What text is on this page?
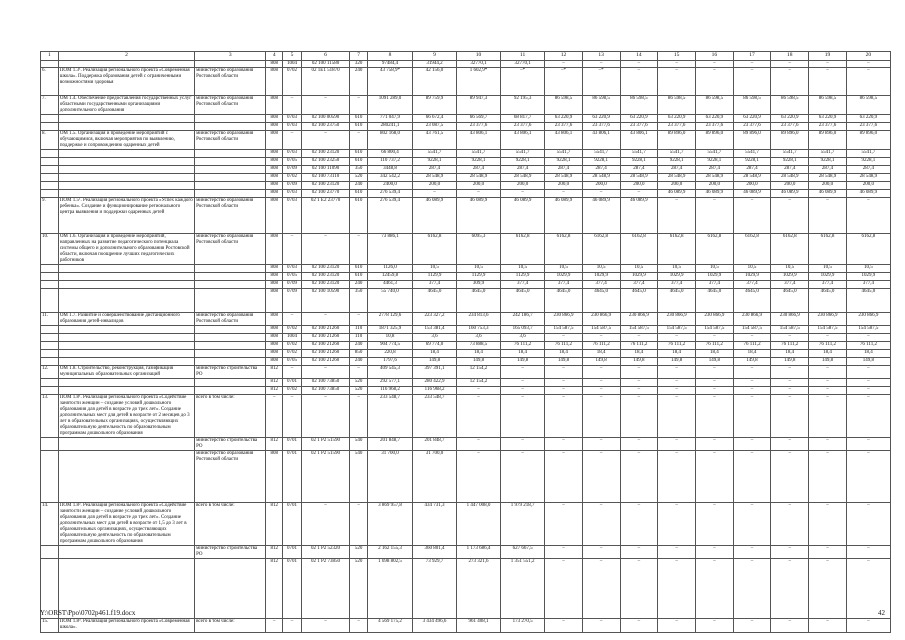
1	2	3	4	5	6	7	8	9	10	11	12	13	14	15	16	17	18	19	20
			808	1004	02 100 11580	320	97484,4	31944,2	32770,1	32770,1	–	–	–	–	–	–	–	–	–
6.	ПОМ 1.3¹. Реализация регионального проекта «Современная школа». Поддержка образования детей с ограниченными возможностями здоровья	министерство образования Ростовской области	808	0702	02 1Е1 51870	240	43 758,9*	42 156,0	1 602,9*	–*	–*	–*	–	–	–	–	–	–	–
7.	ОМ 1.4. Обеспечение предоставления государственных услуг областными государственными организациями дополнительного образования	министерство образования Ростовской области	808	–	–	–	1091 289,0	89 759,9	89 947,3	92 195,3	86 598,5	86 598,5	86 598,5	86 598,5	86 598,5	86 598,5	86 598,5	86 598,5	86 598,5
			808	0703	02 100 00590	610	771 047,9	66 672,4	66 569,7	68 817,7	63 220,9	63 220,9	63 220,9	63 220,9	63 220,9	63 220,9	63 220,9	63 220,9	63 220,9
			808	0703	02 100 23750	610	280241,1	23 087,5	23 377,6	23 377,6	23 377,6	23 377,6	23 377,6	23 377,6	23 377,6	23 377,6	23 377,6	23 377,6	23 377,6
8.	ОМ 1.5. Организация и проведение мероприятий с обучающимися, включая мероприятия по выявлению, поддержке и сопровождению одаренных детей	министерство образования Ростовской области	808	–	–	–	802 168,0	43 761,5	43 806,1	43 806,1	43 806,1	43 806,1	43 806,1	89 896,0	89 896,0	89 896,0	89 896,0	89 896,0	89 896,0
			808	0703	02 100 23120	610	66 800,4	5541,7	5541,7	5541,7	5541,7	5541,7	5541,7	5541,7	5541,7	5541,7	5541,7	5541,7	5541,7
			808	0705	02 100 23250	610	110 737,2	9228,1	9228,1	9228,1	9228,1	9228,1	9228,1	9228,1	9228,1	9228,1	9228,1	9228,1	9228,1
			808	0709	02 100 11090	350	3448,8	287,4	287,4	287,4	287,4	287,4	287,4	287,4	287,4	287,4	287,4	287,4	287,4
			808	0702	02 100 73110	520	342 542,2	28 548,9	28 548,9	28 548,9	28 548,9	28 548,9	28 548,9	28 548,9	28 548,9	28 548,9	28 548,9	28 548,9	28 548,9
			808	0709	02 100 23120	240	2400,0	200,0	200,0	200,0	200,0	200,0	200,0	200,0	200,0	200,0	200,0	200,0	200,0
			808	0703	02 100 23770	610	276 539,4	–	–	–	–	–	–	46 089,9	46 089,9	46 089,9	46 089,9	46 089,9	46 089,9
9.	ПОМ 1.5¹. Реализация регионального проекта «Успех каждого ребенка». Создание и функционирование регионального центра выявления и поддержки одаренных детей	министерство образования Ростовской области	808	0703	02 1 Е2 23770	610	276 539,4	46 089,9	46 089,9	46 089,9	46 089,9	46 089,9	46 089,9	–	–	–	–	–	–
10.	ОМ 1.6. Организация и проведение мероприятий, направленных на развитие педагогического потенциала системы общего и дополнительного образования Ростовской области, включая поощрение лучших педагогических работников	министерство образования Ростовской области	808	–	–	–	73 886,1	6162,8	6095,3	6162,8	6162,8	6162,8	6162,8	6162,8	6162,8	6162,8	6162,8	6162,8	6162,8
			808	0703	02 100 23120	610	1126,0	10,5	10,5	10,5	10,5	10,5	10,5	10,5	10,5	10,5	10,5	10,5	10,5
			808	0705	02 100 23120	610	12459,8	1129,9	1129,9	1129,9	1029,9	1029,9	1029,9	1029,9	1029,9	1029,9	1029,9	1029,9	1029,9
			808	0709	02 100 23120	240	4461,3	377,4	309,9	377,4	377,4	377,4	377,4	377,4	377,4	377,4	377,4	377,4	377,4
			808	0709	02 100 10590	350	55 740,0	4645,0	4645,0	4645,0	4645,0	4645,0	4645,0	4645,0	4645,0	4645,0	4645,0	4645,0	4645,0
11.	ОМ 1.7. Развитие и совершенствование дистанционного образования детей-инвалидов	министерство образования Ростовской области	808	–	–	–	2778 129,6	223 327,2	234 813,6	242 186,7	230 866,9	230 866,9	230 866,9	230 866,9	230 866,9	230 866,9	230 866,9	230 866,9	230 866,9
			808	0702	02 100 21260	110	1871 325,9	153 381,4	160 753,3	165 093,7	154 587,5	154 587,5	154 587,5	154 587,5	154 587,5	154 587,5	154 587,5	154 587,5	154 587,5
			808	1004	02 100 21260	110	10,8	3,6	3,6	3,6	–	–	–	–	–	–	–	–	–
			808	0702	02 100 21260	240	904 774,5	69 774,0	73 888,5	76 111,2	76 111,2	76 111,2	76 111,2	76 111,2	76 111,2	76 111,2	76 111,2	76 111,2	76 111,2
			808	0702	02 100 21260	850	220,8	18,4	18,4	18,4	18,4	18,4	18,4	18,4	18,4	18,4	18,4	18,4	18,4
			808	0705	02 100 21260	240	1797,6	149,8	149,8	149,8	149,8	149,8	149,8	149,8	149,8	149,8	149,8	149,8	149,8
12.	ОМ 1.8. Строительство, реконструкция, газификация муниципальных образовательных организаций	министерство строительства РО	812	–	–	–	409 545,3	397 391,1	12 154,2	–	–	–	–	–	–	–	–	–	–
			812	0701	02 100 73850	520	292 577,1	280 422,9	12 154,2	–	–	–	–	–	–	–	–	–	–
			812	0702	02 100 73850	520	116 968,2	116 968,2	–	–	–	–	–	–	–	–	–	–	–
13.	ПОМ 1.8¹. Реализация регионального проекта «Содействие занятости женщин – создание условий дошкольного образования для детей в возрасте до трех лет». Создание дополнительных мест для детей в возрасте от 2 месяцев до 3 лет в образовательных организациях, осуществляющих образовательную деятельность по образовательным программам дошкольного образования	всего в том числе:	–	–	–	–	233 548,7	233 548,7	–	–	–	–	–	–	–	–	–	–	–
		министерство строительства РО	812	0701	02 1 Р2 51590	540	201 848,7	201 848,7	–	–	–	–	–	–	–	–	–	–	–
		министерство образования Ростовской области	808	0701	02 1 Р2 51590	540	31 700,0	31 700,0	–	–	–	–	–	–	–	–	–	–	–
14.	ПОМ 1.8². Реализация регионального проекта «Содействие занятости женщин – создание условий дошкольного образования для детей в возрасте до трех лет». Создание дополнительных мест для детей в возрасте от 1,5 до 3 лет в образовательных организациях, осуществляющих образовательную деятельность по образовательным программам дошкольного образования	всего в том числе:	812	0701	–	–	3 869 957,8	434 731,3	1 447 008,0	1 979 218,7	–	–	–	–	–	–	–	–	–
		министерство строительства РО	812	0701	02 1 Р2 52320	520	2 162 155,3	360 801,4	1 173 686,4	627 667,5	–	–	–	–	–	–	–	–	–
			812	0701	02 1 Р2 73850	520	1 698 802,5	73 929,7	273 321,6	1 351 551,2	–	–	–	–	–	–	–	–	–
15.	ПОМ 1.8³. Реализация регионального проекта «Современная школа».	всего в том числе:	–	–	–	–	4 569 175,2	3 434 496,6	961 408,1	173 270,5	–	–	–	–	–	–	–	–	–
Y:\ORST\Ppo\0702p461.f19.docx	42
